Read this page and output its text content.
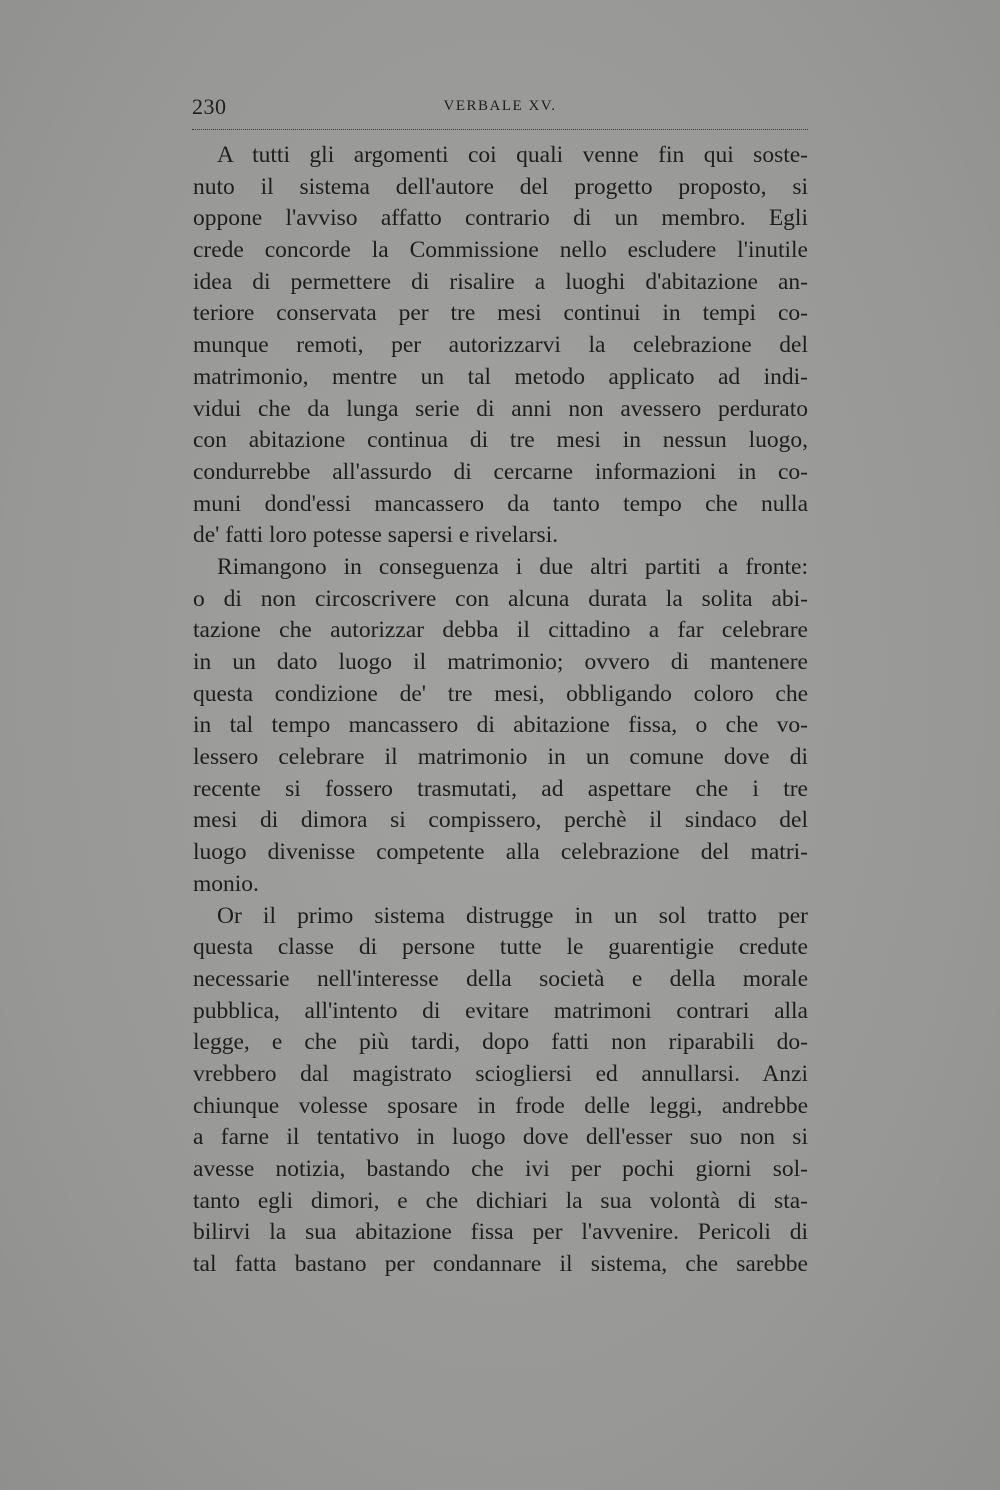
230	VERBALE XV.
A tutti gli argomenti coi quali venne fin qui soste-
nuto il sistema dell'autore del progetto proposto, si
oppone l'avviso affatto contrario di un membro. Egli
crede concorde la Commissione nello escludere l'inutile
idea di permettere di risalire a luoghi d'abitazione an-
teriore conservata per tre mesi continui in tempi co-
munque remoti, per autorizzarvi la celebrazione del
matrimonio, mentre un tal metodo applicato ad indi-
vidui che da lunga serie di anni non avessero perdurato
con abitazione continua di tre mesi in nessun luogo,
condurrebbe all'assurdo di cercarne informazioni in co-
muni dond'essi mancassero da tanto tempo che nulla
de' fatti loro potesse sapersi e rivelarsi.
Rimangono in conseguenza i due altri partiti a fronte:
o di non circoscrivere con alcuna durata la solita abi-
tazione che autorizzar debba il cittadino a far celebrare
in un dato luogo il matrimonio; ovvero di mantenere
questa condizione de' tre mesi, obbligando coloro che
in tal tempo mancassero di abitazione fissa, o che vo-
lessero celebrare il matrimonio in un comune dove di
recente si fossero trasmutati, ad aspettare che i tre
mesi di dimora si compissero, perchè il sindaco del
luogo divenisse competente alla celebrazione del matri-
monio.
Or il primo sistema distrugge in un sol tratto per
questa classe di persone tutte le guarentigie credute
necessarie nell'interesse della società e della morale
pubblica, all'intento di evitare matrimoni contrari alla
legge, e che più tardi, dopo fatti non riparabili do-
vrebbero dal magistrato sciogliersi ed annullarsi. Anzi
chiunque volesse sposare in frode delle leggi, andrebbe
a farne il tentativo in luogo dove dell'esser suo non si
avesse notizia, bastando che ivi per pochi giorni sol-
tanto egli dimori, e che dichiari la sua volontà di sta-
bilirvi la sua abitazione fissa per l'avvenire. Pericoli di
tal fatta bastano per condannare il sistema, che sarebbe
